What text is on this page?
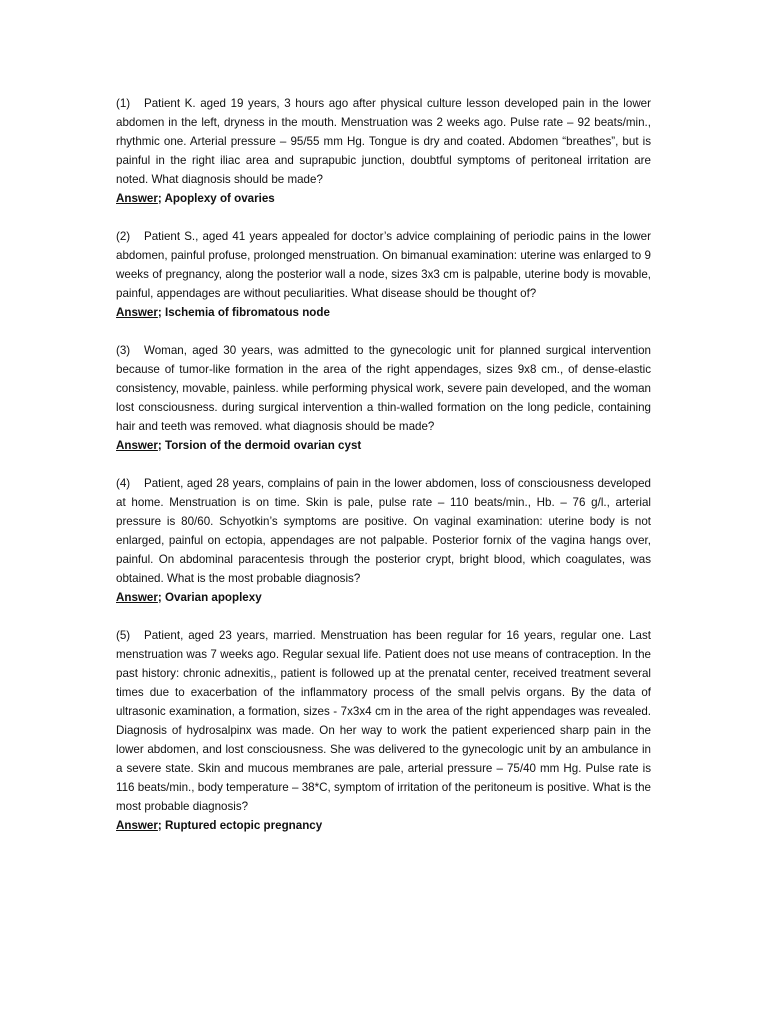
(1) Patient K. aged 19 years, 3 hours ago after physical culture lesson developed pain in the lower abdomen in the left, dryness in the mouth. Menstruation was 2 weeks ago. Pulse rate – 92 beats/min., rhythmic one. Arterial pressure – 95/55 mm Hg. Tongue is dry and coated. Abdomen “breathes”, but is painful in the right iliac area and suprapubic junction, doubtful symptoms of peritoneal irritation are noted. What diagnosis should be made?

Answer; Apoplexy of ovaries

(2) Patient S., aged 41 years appealed for doctor’s advice complaining of periodic pains in the lower abdomen, painful profuse, prolonged menstruation. On bimanual examination: uterine was enlarged to 9 weeks of pregnancy, along the posterior wall a node, sizes 3x3 cm is palpable, uterine body is movable, painful, appendages are without peculiarities. What disease should be thought of?

Answer; Ischemia of fibromatous node

(3) Woman, aged 30 years, was admitted to the gynecologic unit for planned surgical intervention because of tumor-like formation in the area of the right appendages, sizes 9x8 cm., of dense-elastic consistency, movable, painless. while performing physical work, severe pain developed, and the woman lost consciousness. during surgical intervention a thin-walled formation on the long pedicle, containing hair and teeth was removed. what diagnosis should be made?

Answer; Torsion of the dermoid ovarian cyst

(4) Patient, aged 28 years, complains of pain in the lower abdomen, loss of consciousness developed at home. Menstruation is on time. Skin is pale, pulse rate – 110 beats/min., Hb. – 76 g/l., arterial pressure is 80/60. Schyotkin’s symptoms are positive. On vaginal examination: uterine body is not enlarged, painful on ectopia, appendages are not palpable. Posterior fornix of the vagina hangs over, painful. On abdominal paracentesis through the posterior crypt, bright blood, which coagulates, was obtained. What is the most probable diagnosis?

Answer; Ovarian apoplexy

(5) Patient, aged 23 years, married. Menstruation has been regular for 16 years, regular one. Last menstruation was 7 weeks ago. Regular sexual life. Patient does not use means of contraception. In the past history: chronic adnexitis,, patient is followed up at the prenatal center, received treatment several times due to exacerbation of the inflammatory process of the small pelvis organs. By the data of ultrasonic examination, a formation, sizes - 7x3x4 cm in the area of the right appendages was revealed. Diagnosis of hydrosalpinx was made. On her way to work the patient experienced sharp pain in the lower abdomen, and lost consciousness. She was delivered to the gynecologic unit by an ambulance in a severe state. Skin and mucous membranes are pale, arterial pressure – 75/40 mm Hg. Pulse rate is 116 beats/min., body temperature – 38*C, symptom of irritation of the peritoneum is positive. What is the most probable diagnosis?

Answer; Ruptured ectopic pregnancy
